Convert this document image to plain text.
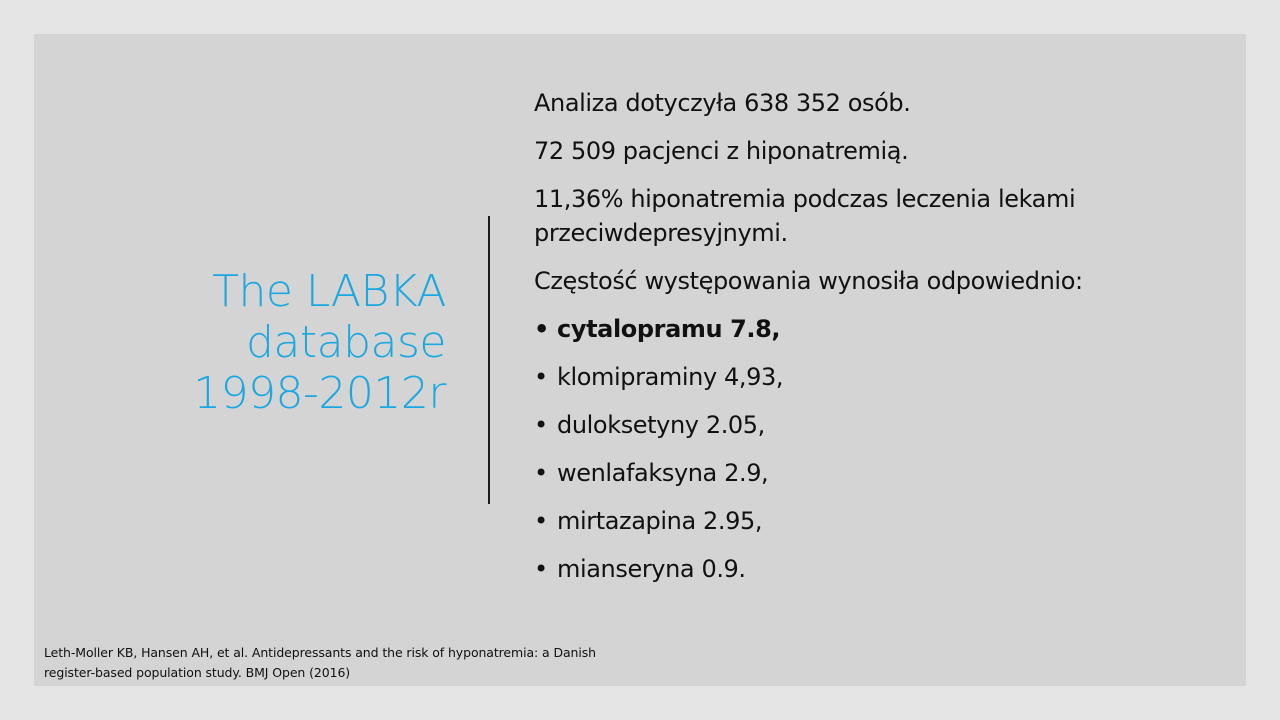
The LABKA
database
1998-2012r

Analiza dotyczyła 638 352 osób.

72 509 pacjenci z hiponatremią.

11,36% hiponatremia podczas leczenia lekami przeciwdepresyjnymi.

Częstość występowania wynosiła odpowiednio:

• cytalopramu 7.8,
• klomipraminy 4,93,
• duloksetyny 2.05,
• wenlafaksyna 2.9,
• mirtazapina 2.95,
• mianseryna 0.9.
Leth-Moller KB, Hansen AH, et al. Antidepressants and the risk of hyponatremia: a Danish
register-based population study. BMJ Open (2016)
